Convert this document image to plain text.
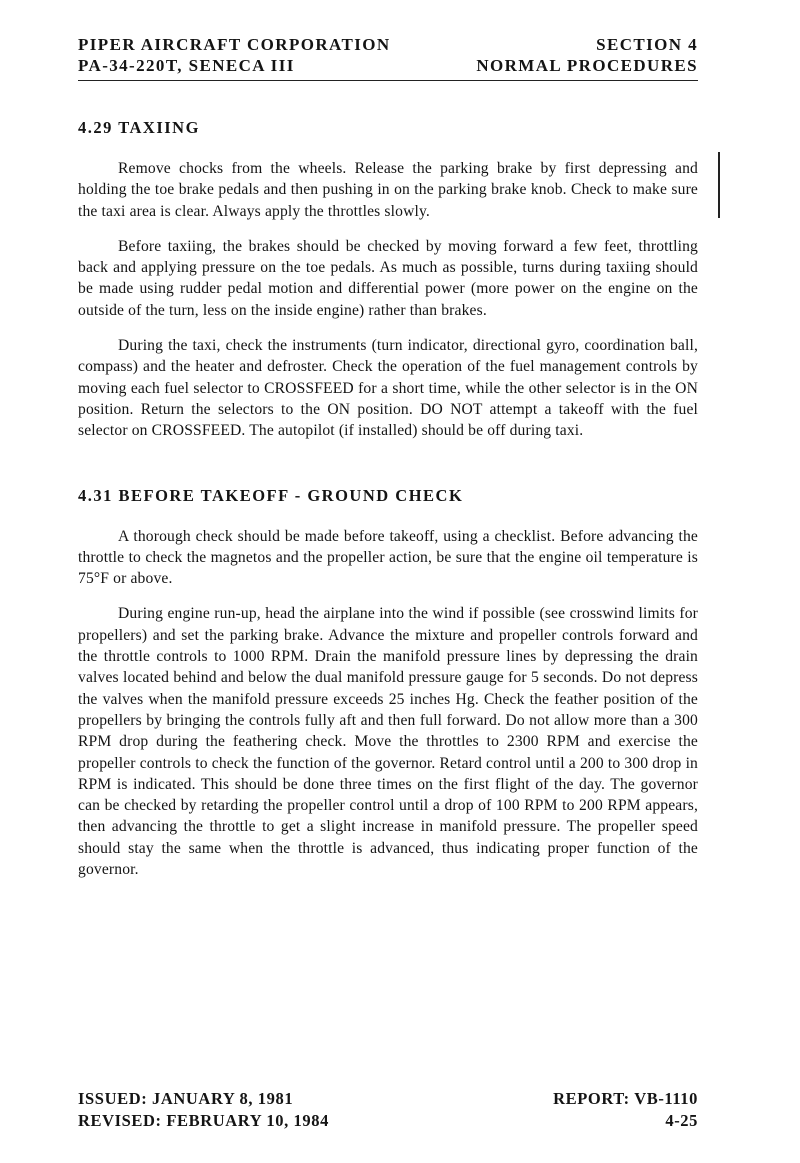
PIPER AIRCRAFT CORPORATION	SECTION 4
PA-34-220T, SENECA III	NORMAL PROCEDURES
4.29 TAXIING

Remove chocks from the wheels. Release the parking brake by first depressing and holding the toe brake pedals and then pushing in on the parking brake knob. Check to make sure the taxi area is clear. Always apply the throttles slowly.

Before taxiing, the brakes should be checked by moving forward a few feet, throttling back and applying pressure on the toe pedals. As much as possible, turns during taxiing should be made using rudder pedal motion and differential power (more power on the engine on the outside of the turn, less on the inside engine) rather than brakes.

During the taxi, check the instruments (turn indicator, directional gyro, coordination ball, compass) and the heater and defroster. Check the operation of the fuel management controls by moving each fuel selector to CROSSFEED for a short time, while the other selector is in the ON position. Return the selectors to the ON position. DO NOT attempt a takeoff with the fuel selector on CROSSFEED. The autopilot (if installed) should be off during taxi.

4.31 BEFORE TAKEOFF - GROUND CHECK

A thorough check should be made before takeoff, using a checklist. Before advancing the throttle to check the magnetos and the propeller action, be sure that the engine oil temperature is 75°F or above.

During engine run-up, head the airplane into the wind if possible (see crosswind limits for propellers) and set the parking brake. Advance the mixture and propeller controls forward and the throttle controls to 1000 RPM. Drain the manifold pressure lines by depressing the drain valves located behind and below the dual manifold pressure gauge for 5 seconds. Do not depress the valves when the manifold pressure exceeds 25 inches Hg. Check the feather position of the propellers by bringing the controls fully aft and then full forward. Do not allow more than a 300 RPM drop during the feathering check. Move the throttles to 2300 RPM and exercise the propeller controls to check the function of the governor. Retard control until a 200 to 300 drop in RPM is indicated. This should be done three times on the first flight of the day. The governor can be checked by retarding the propeller control until a drop of 100 RPM to 200 RPM appears, then advancing the throttle to get a slight increase in manifold pressure. The propeller speed should stay the same when the throttle is advanced, thus indicating proper function of the governor.

ISSUED: JANUARY 8, 1981
REVISED: FEBRUARY 10, 1984
REPORT: VB-1110
4-25
